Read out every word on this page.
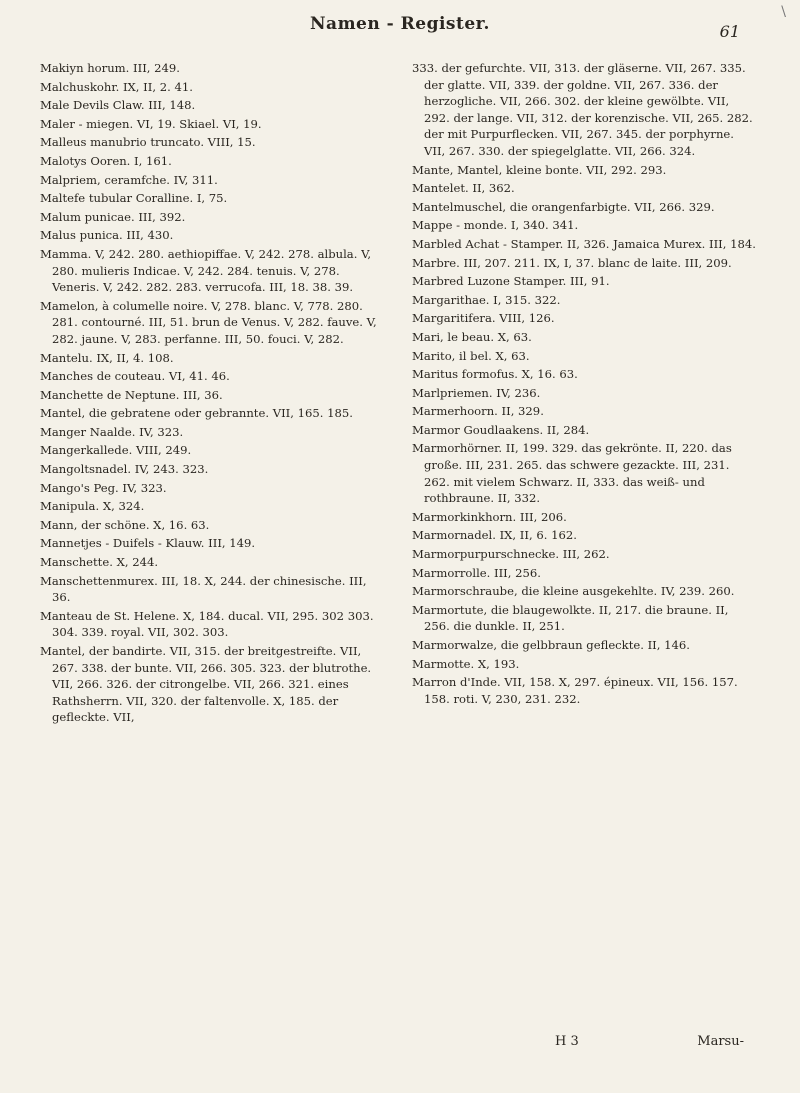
\
Namen - Register.	61

Makiyn horum. III, 249.

Malchuskohr. IX, II, 2. 41.

Male Devils Claw. III, 148.

Maler - miegen. VI, 19. Skiael. VI, 19.

Malleus manubrio truncato. VIII, 15.

Malotys Ooren. I, 161.

Malpriem, ceramfche. IV, 311.

Maltefe tubular Coralline. I, 75.

Malum punicae. III, 392.

Malus punica. III, 430.

Mamma. V, 242. 280. aethiopiffae. V, 242. 278. albula. V, 280. mulieris Indicae. V, 242. 284. tenuis. V, 278. Veneris. V, 242. 282. 283. verrucofa. III, 18. 38. 39.

Mamelon, à columelle noire. V, 278. blanc. V, 778. 280. 281. contourné. III, 51. brun de Venus. V, 282. fauve. V, 282. jaune. V, 283. perfanne. III, 50. fouci. V, 282.

Mantelu. IX, II, 4. 108.

Manches de couteau. VI, 41. 46.

Manchette de Neptune. III, 36.

Mantel, die gebratene oder gebrannte. VII, 165. 185.

Manger Naalde. IV, 323.

Mangerkallede. VIII, 249.

Mangoltsnadel. IV, 243. 323.

Mango's Peg. IV, 323.

Manipula. X, 324.

Mann, der schöne. X, 16. 63.

Mannetjes - Duifels - Klauw. III, 149.

Manschette. X, 244.

Manschettenmurex. III, 18. X, 244. der chinesische. III, 36.

Manteau de St. Helene. X, 184. ducal. VII, 295. 302 303. 304. 339. royal. VII, 302. 303.

Mantel, der bandirte. VII, 315. der breitgestreifte. VII, 267. 338. der bunte. VII, 266. 305. 323. der blutrothe. VII, 266. 326. der citrongelbe. VII, 266. 321. eines Rathsherrn. VII, 320. der faltenvolle. X, 185. der gefleckte. VII,

333. der gefurchte. VII, 313. der gläserne. VII, 267. 335. der glatte. VII, 339. der goldne. VII, 267. 336. der herzogliche. VII, 266. 302. der kleine gewölbte. VII, 292. der lange. VII, 312. der korenzische. VII, 265. 282. der mit Purpurflecken. VII, 267. 345. der porphyrne. VII, 267. 330. der spiegelglatte. VII, 266. 324.

Mante, Mantel, kleine bonte. VII, 292. 293.

Mantelet. II, 362.

Mantelmuschel, die orangenfarbigte. VII, 266. 329.

Mappe - monde. I, 340. 341.

Marbled Achat - Stamper. II, 326. Jamaica Murex. III, 184.

Marbre. III, 207. 211. IX, I, 37. blanc de laite. III, 209.

Marbred Luzone Stamper. III, 91.

Margarithae. I, 315. 322.

Margaritifera. VIII, 126.

Mari, le beau. X, 63.

Marito, il bel. X, 63.

Maritus formofus. X, 16. 63.

Marlpriemen. IV, 236.

Marmerhoorn. II, 329.

Marmor Goudlaakens. II, 284.

Marmorhörner. II, 199. 329. das gekrönte. II, 220. das große. III, 231. 265. das schwere gezackte. III, 231. 262. mit vielem Schwarz. II, 333. das weiß- und rothbraune. II, 332.

Marmorkinkhorn. III, 206.

Marmornadel. IX, II, 6. 162.

Marmorpurpurschnecke. III, 262.

Marmorrolle. III, 256.

Marmorschraube, die kleine ausgekehlte. IV, 239. 260.

Marmortute, die blaugewolkte. II, 217. die braune. II, 256. die dunkle. II, 251.

Marmorwalze, die gelbbraun gefleckte. II, 146.

Marmotte. X, 193.

Marron d'Inde. VII, 158. X, 297. épineux. VII, 156. 157. 158. roti. V, 230, 231. 232.

H 3	Marsu-
